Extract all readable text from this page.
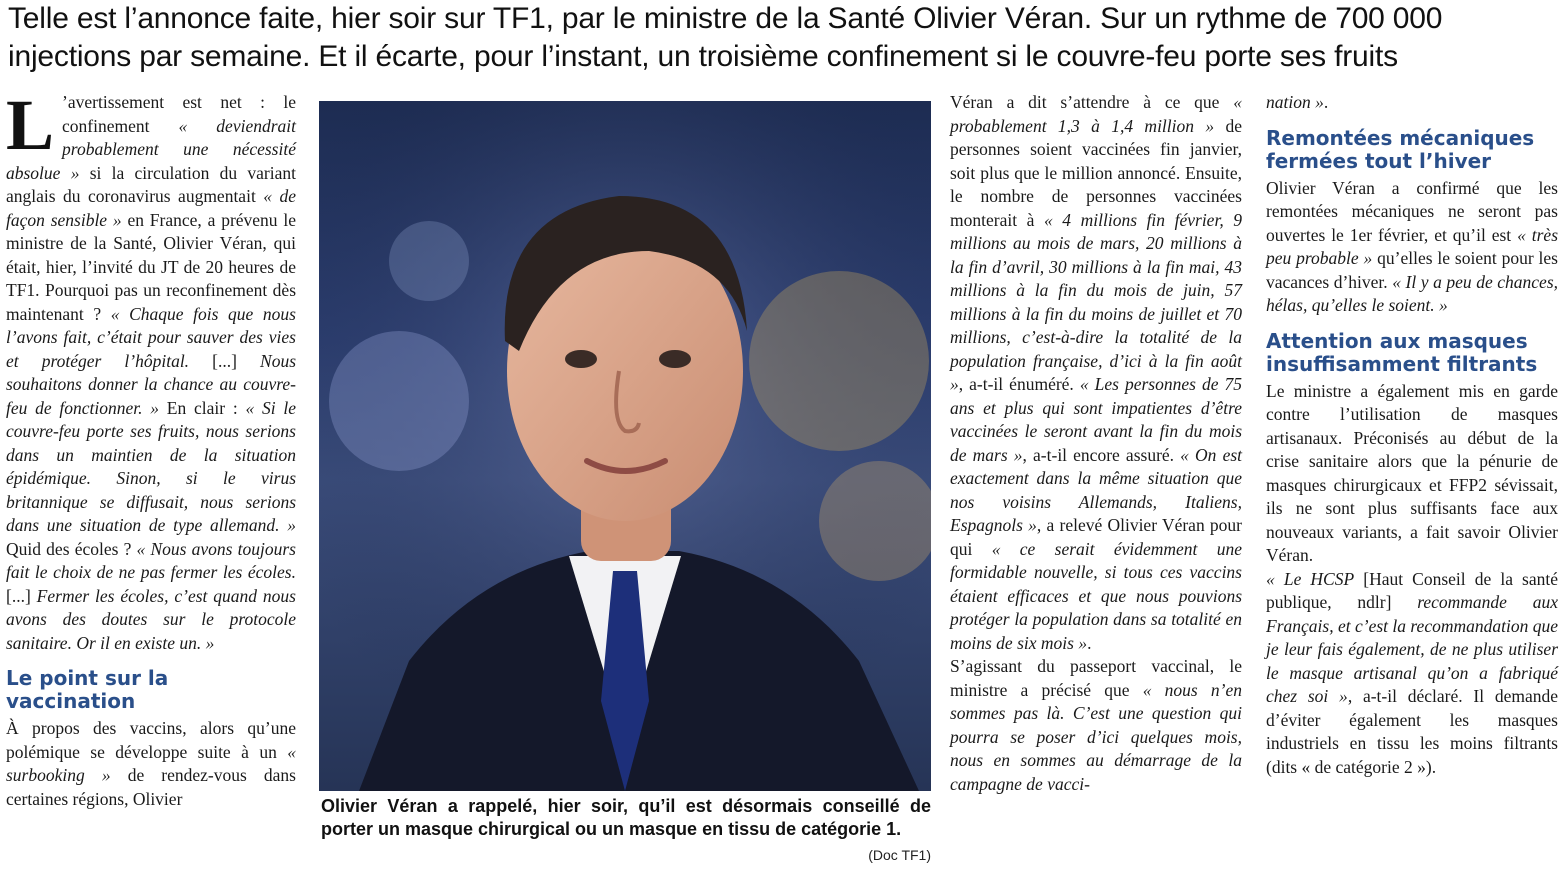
Telle est l’annonce faite, hier soir sur TF1, par le ministre de la Santé Olivier Véran. Sur un rythme de 700 000 injections par semaine. Et il écarte, pour l’instant, un troisième confinement si le couvre-feu porte ses fruits
L ’avertissement est net : le confinement « deviendrait probablement une nécessité absolue » si la circulation du variant anglais du coronavirus augmentait « de façon sensible » en France, a prévenu le ministre de la Santé, Olivier Véran, qui était, hier, l’invité du JT de 20 heures de TF1. Pourquoi pas un reconfinement dès maintenant ? « Chaque fois que nous l’avons fait, c’était pour sauver des vies et protéger l’hôpital. [...] Nous souhaitons donner la chance au couvre-feu de fonctionner. » En clair : « Si le couvre-feu porte ses fruits, nous serions dans un maintien de la situation épidémique. Sinon, si le virus britannique se diffusait, nous serions dans une situation de type allemand. » Quid des écoles ? « Nous avons toujours fait le choix de ne pas fermer les écoles. [...] Fermer les écoles, c’est quand nous avons des doutes sur le protocole sanitaire. Or il en existe un. »

Le point sur la vaccination

À propos des vaccins, alors qu’une polémique se développe suite à un « surbooking » de rendez-vous dans certaines régions, Olivier	Olivier Véran a rappelé, hier soir, qu’il est désormais conseillé de porter un masque chirurgical ou un masque en tissu de catégorie 1.
(Doc TF1)

Véran a dit s’attendre à ce que « probablement 1,3 à 1,4 million » de personnes soient vaccinées fin janvier, soit plus que le million annoncé. Ensuite, le nombre de personnes vaccinées monterait à « 4 millions fin février, 9 millions au mois de mars, 20 millions à la fin d’avril, 30 millions à la fin mai, 43 millions à la fin du mois de juin, 57 millions à la fin du moins de juillet et 70 millions, c’est-à-dire la totalité de la population française, d’ici à la fin août », a-t-il énuméré. « Les personnes de 75 ans et plus qui sont impatientes d’être vaccinées le seront avant la fin du mois de mars », a-t-il encore assuré. « On est exactement dans la même situation que nos voisins Allemands, Italiens, Espagnols », a relevé Olivier Véran pour qui « ce serait évidemment une formidable nouvelle, si tous ces vaccins étaient efficaces et que nous pouvions protéger la population dans sa totalité en moins de six mois ».

S’agissant du passeport vaccinal, le ministre a précisé que « nous n’en sommes pas là. C’est une question qui pourra se poser d’ici quelques mois, nous en sommes au démarrage de la campagne de vacci-

nation ».

Remontées mécaniques fermées tout l’hiver

Olivier Véran a confirmé que les remontées mécaniques ne seront pas ouvertes le 1er février, et qu’il est « très peu probable » qu’elles le soient pour les vacances d’hiver. « Il y a peu de chances, hélas, qu’elles le soient. »

Attention aux masques insuffisamment filtrants

Le ministre a également mis en garde contre l’utilisation de masques artisanaux. Préconisés au début de la crise sanitaire alors que la pénurie de masques chirurgicaux et FFP2 sévissait, ils ne sont plus suffisants face aux nouveaux variants, a fait savoir Olivier Véran.

« Le HCSP [Haut Conseil de la santé publique, ndlr] recommande aux Français, et c’est la recommandation que je leur fais également, de ne plus utiliser le masque artisanal qu’on a fabriqué chez soi », a-t-il déclaré. Il demande d’éviter également les masques industriels en tissu les moins filtrants (dits « de catégorie 2 »).
